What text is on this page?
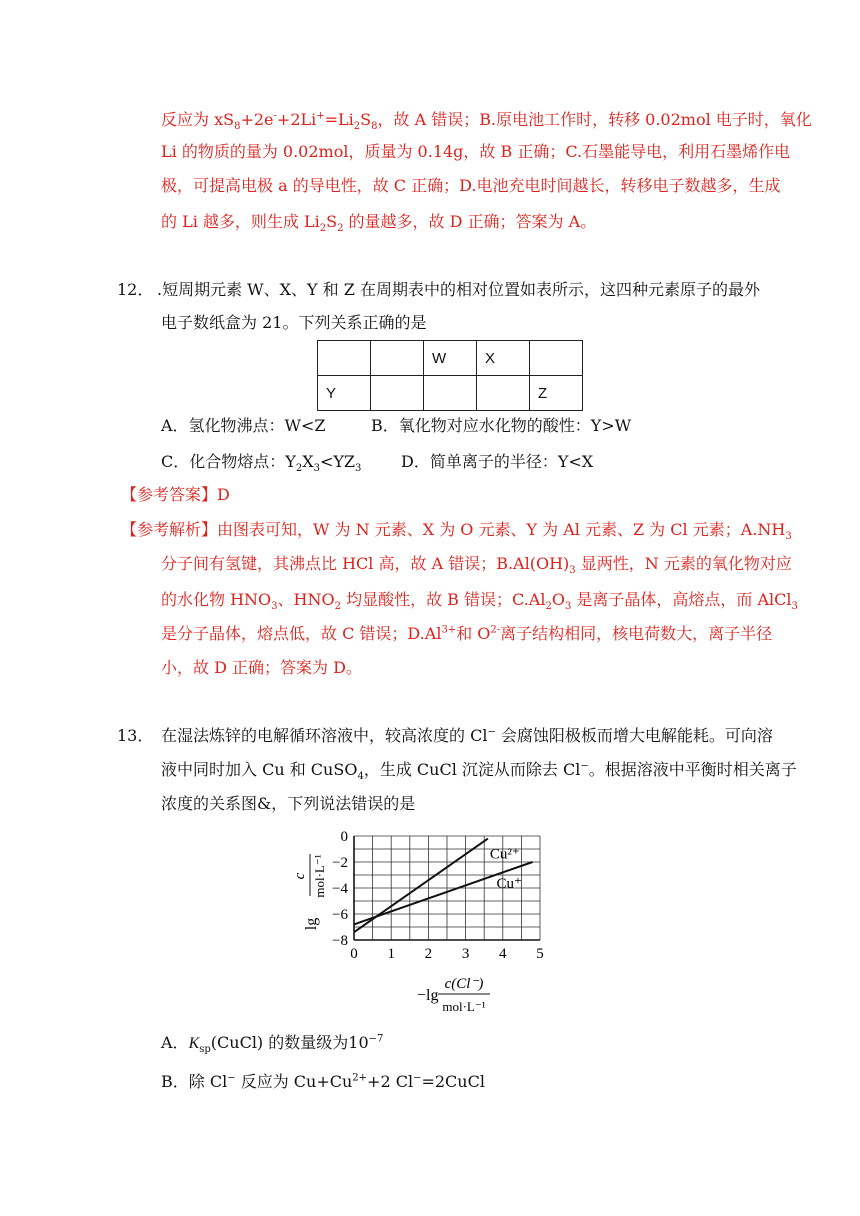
反应为 $xS_8+2e^-+2Li^+=Li_2S_8$，故 A 错误；B.原电池工作时，转移 0.02mol 电子时，氧化
Li 的物质的量为 0.02mol，质量为 0.14g，故 B 正确；C.石墨能导电，利用石墨烯作电
极，可提高电极 a 的导电性，故 C 正确；D.电池充电时间越长，转移电子数越多，生成
的 Li 越多，则生成 $Li_2S_2$ 的量越多，故 D 正确；答案为 A。
12． .短周期元素 W、X、Y 和 Z 在周期表中的相对位置如表所示，这四种元素原子的最外
电子数纸盒为 21。下列关系正确的是
		W	X	
Y				Z
A．氢化物沸点：W<Z	B．氧化物对应水化物的酸性：Y>W
C．化合物熔点：$Y_2X_3<YZ_3$ D．简单离子的半径：Y<X
【参考答案】D
【参考解析】由图表可知，W 为 N 元素、X 为 O 元素、Y 为 Al 元素、Z 为 Cl 元素；$A.NH_3$
分子间有氢键，其沸点比 HCl 高，故 A 错误；$B.Al(OH)_3$ 显两性，N 元素的氧化物对应
的水化物 $HNO_3$、$HNO_2$ 均显酸性，故 B 错误；$C.Al_2O_3$ 是离子晶体，高熔点，而 AlCl$_3$
是分子晶体，熔点低，故 C 错误；$D.Al^{3+}$和 $O^{2-}$离子结构相同，核电荷数大，离子半径
小，故 D 正确；答案为 D。
13． 在湿法炼锌的电解循环溶液中，较高浓度的 Cl− 会腐蚀阳极板而增大电解能耗。可向溶
液中同时加入 Cu 和 CuSO$_4$，生成 CuCl 沉淀从而除去 Cl−。根据溶液中平衡时相关离子
浓度的关系图&，下列说法错误的是
Cu²⁺
Cu⁺
0 1 2 3 4 5
0
−2
−4
−6
−8
lg
c mol·L⁻¹
−lg
c(Cl⁻)
mol·L⁻¹
A．$K_{sp}(CuCl)$ 的数量级为$10^{-7}$
B．除 Cl− 反应为 $Cu+Cu^{2+}+2$ Cl−=2CuCl
